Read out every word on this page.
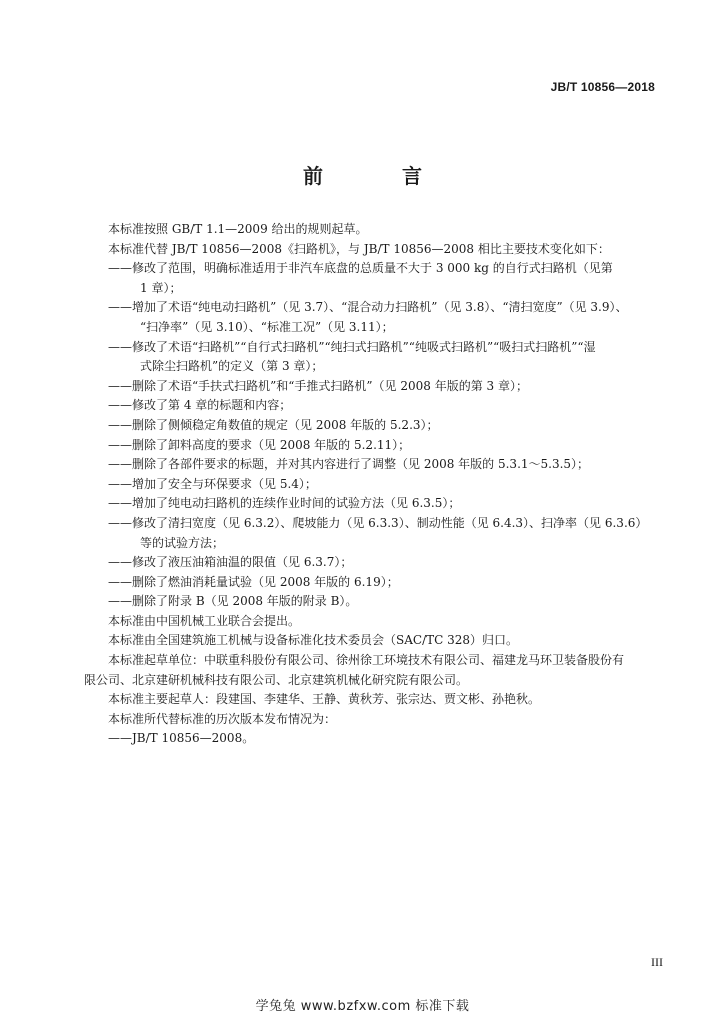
JB/T 10856—2018
前 言
本标准按照 GB/T 1.1—2009 给出的规则起草。
本标准代替 JB/T 10856—2008《扫路机》，与 JB/T 10856—2008 相比主要技术变化如下：
——修改了范围，明确标准适用于非汽车底盘的总质量不大于 3 000 kg 的自行式扫路机（见第
1 章）；
——增加了术语“纯电动扫路机”（见 3.7）、“混合动力扫路机”（见 3.8）、“清扫宽度”（见 3.9）、
“扫净率”（见 3.10）、“标准工况”（见 3.11）；
——修改了术语“扫路机”“自行式扫路机”“纯扫式扫路机”“纯吸式扫路机”“吸扫式扫路机”“湿
式除尘扫路机”的定义（第 3 章）；
——删除了术语“手扶式扫路机”和“手推式扫路机”（见 2008 年版的第 3 章）；
——修改了第 4 章的标题和内容；
——删除了侧倾稳定角数值的规定（见 2008 年版的 5.2.3）；
——删除了卸料高度的要求（见 2008 年版的 5.2.11）；
——删除了各部件要求的标题，并对其内容进行了调整（见 2008 年版的 5.3.1～5.3.5）；
——增加了安全与环保要求（见 5.4）；
——增加了纯电动扫路机的连续作业时间的试验方法（见 6.3.5）；
——修改了清扫宽度（见 6.3.2）、爬坡能力（见 6.3.3）、制动性能（见 6.4.3）、扫净率（见 6.3.6）
等的试验方法；
——修改了液压油箱油温的限值（见 6.3.7）；
——删除了燃油消耗量试验（见 2008 年版的 6.19）；
——删除了附录 B（见 2008 年版的附录 B）。
本标准由中国机械工业联合会提出。
本标准由全国建筑施工机械与设备标准化技术委员会（SAC/TC 328）归口。
本标准起草单位：中联重科股份有限公司、徐州徐工环境技术有限公司、福建龙马环卫装备股份有
限公司、北京建研机械科技有限公司、北京建筑机械化研究院有限公司。
本标准主要起草人：段建国、李建华、王静、黄秋芳、张宗达、贾文彬、孙艳秋。
本标准所代替标准的历次版本发布情况为：
——JB/T 10856—2008。
III
学兔兔 www.bzfxw.com 标准下载
